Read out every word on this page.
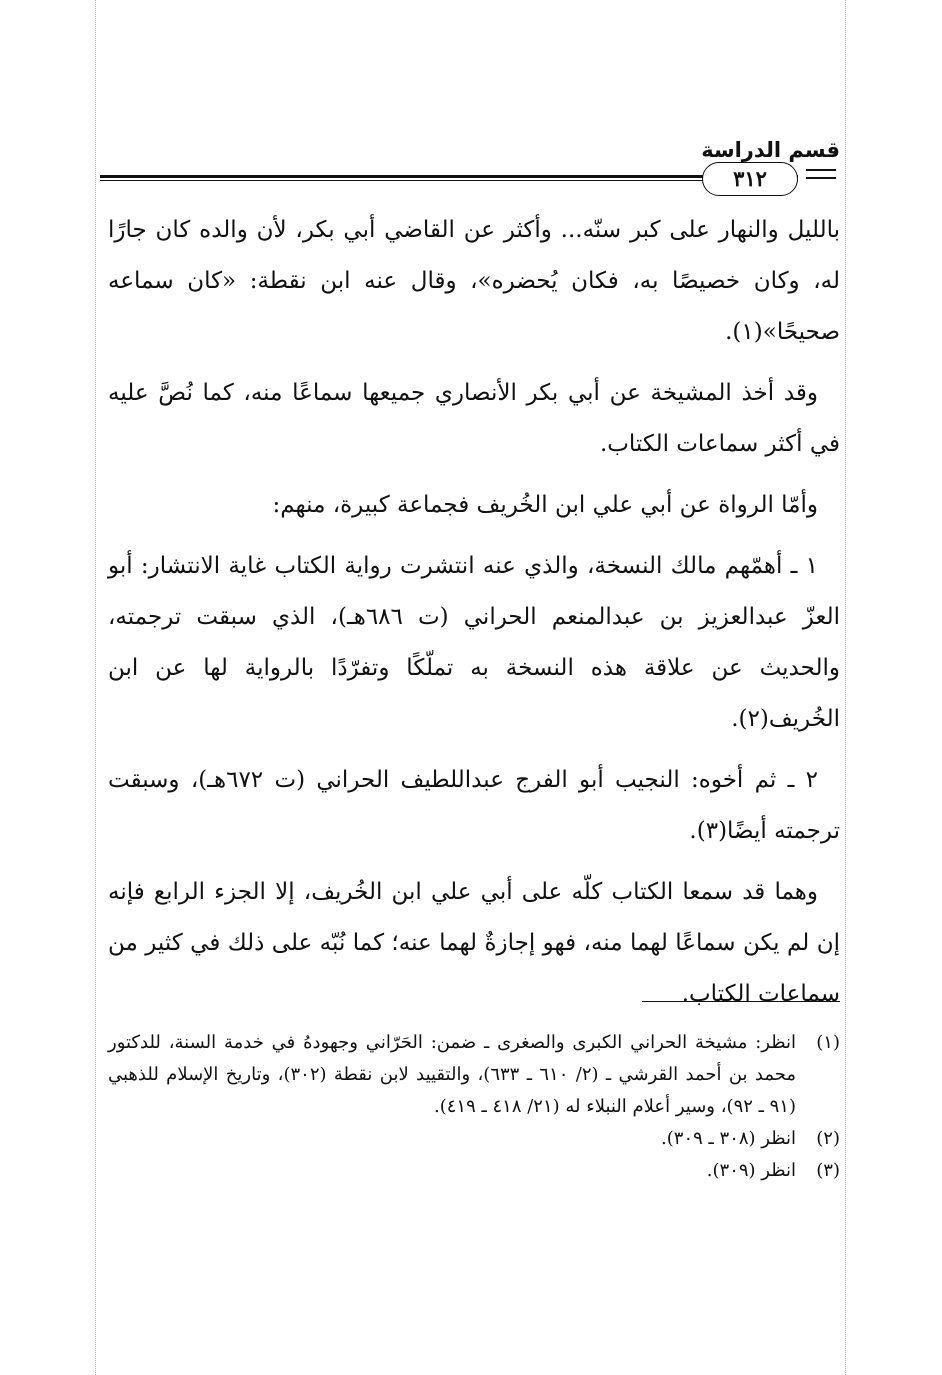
قسم الدراسة
٣١٢

بالليل والنهار على كبر سنّه... وأكثر عن القاضي أبي بكر، لأن والده كان جارًا له، وكان خصيصًا به، فكان يُحضره»، وقال عنه ابن نقطة: «كان سماعه صحيحًا»(١).

وقد أخذ المشيخة عن أبي بكر الأنصاري جميعها سماعًا منه، كما نُصَّ عليه في أكثر سماعات الكتاب.

وأمّا الرواة عن أبي علي ابن الخُريف فجماعة كبيرة، منهم:

١ ـ أهمّهم مالك النسخة، والذي عنه انتشرت رواية الكتاب غاية الانتشار: أبو العزّ عبدالعزيز بن عبدالمنعم الحراني (ت ٦٨٦هـ)، الذي سبقت ترجمته، والحديث عن علاقة هذه النسخة به تملّكًا وتفرّدًا بالرواية لها عن ابن الخُريف(٢).

٢ ـ ثم أخوه: النجيب أبو الفرج عبداللطيف الحراني (ت ٦٧٢هـ)، وسبقت ترجمته أيضًا(٣).

وهما قد سمعا الكتاب كلّه على أبي علي ابن الخُريف، إلا الجزء الرابع فإنه إن لم يكن سماعًا لهما منه، فهو إجازةٌ لهما عنه؛ كما نُبّه على ذلك في كثير من سماعات الكتاب.

(١)
انظر: مشيخة الحراني الكبرى والصغرى ـ ضمن: الحَرّاني وجهودهُ في خدمة السنة، للدكتور محمد بن أحمد القرشي ـ (٢/ ٦١٠ ـ ٦٣٣)، والتقييد لابن نقطة (٣٠٢)، وتاريخ الإسلام للذهبي (٩١ ـ ٩٢)، وسير أعلام النبلاء له (٢١/ ٤١٨ ـ ٤١٩).
(٢)
انظر (٣٠٨ ـ ٣٠٩).
(٣)
انظر (٣٠٩).
